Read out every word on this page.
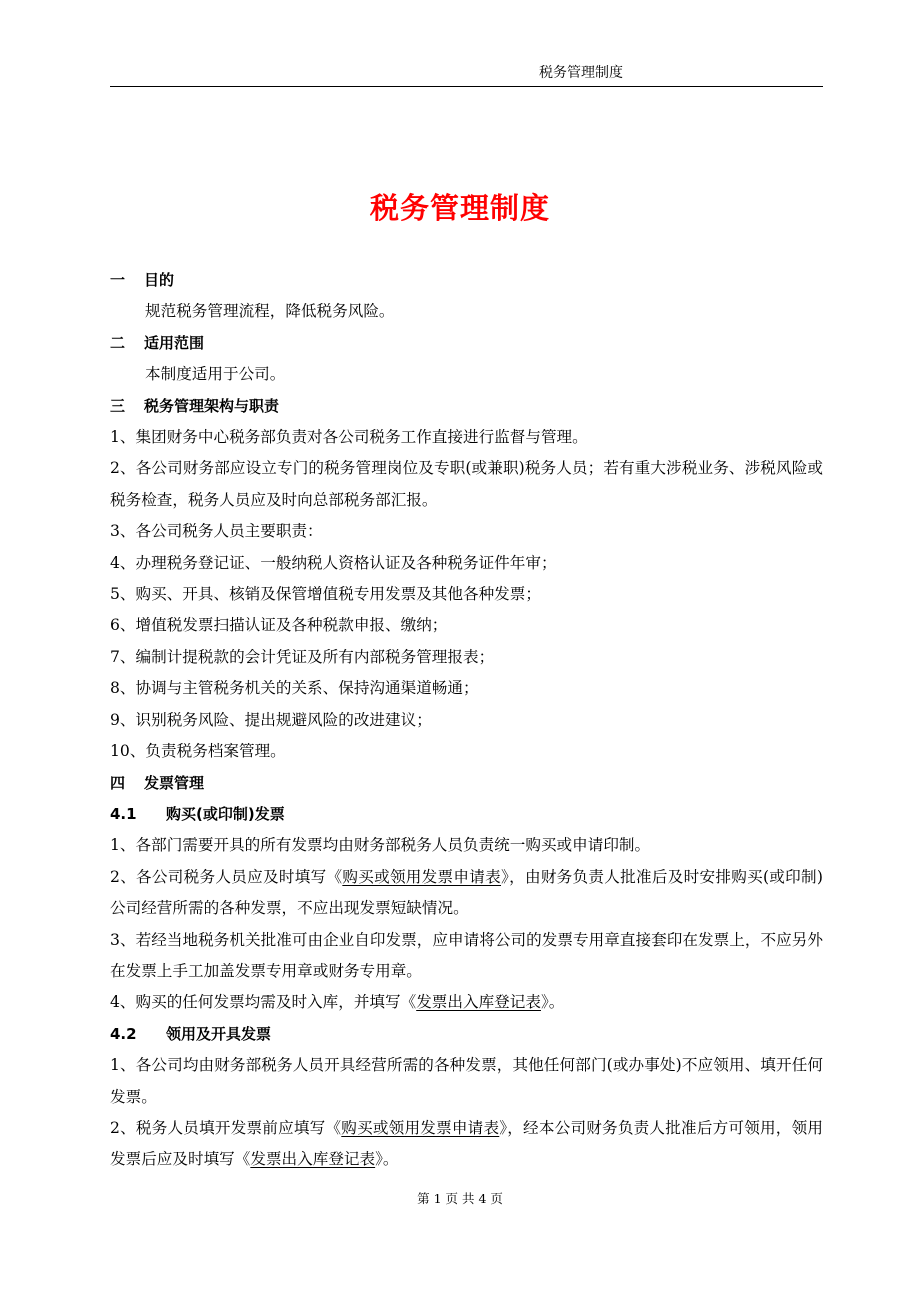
税务管理制度
税务管理制度

一 目的

规范税务管理流程，降低税务风险。

二 适用范围

本制度适用于公司。

三 税务管理架构与职责

1、集团财务中心税务部负责对各公司税务工作直接进行监督与管理。

2、各公司财务部应设立专门的税务管理岗位及专职(或兼职)税务人员；若有重大涉税业务、涉税风险或税务检查，税务人员应及时向总部税务部汇报。

3、各公司税务人员主要职责：

4、办理税务登记证、一般纳税人资格认证及各种税务证件年审；

5、购买、开具、核销及保管增值税专用发票及其他各种发票；

6、增值税发票扫描认证及各种税款申报、缴纳；

7、编制计提税款的会计凭证及所有内部税务管理报表；

8、协调与主管税务机关的关系、保持沟通渠道畅通；

9、识别税务风险、提出规避风险的改进建议；

10、负责税务档案管理。

四 发票管理

4.1 购买(或印制)发票

1、各部门需要开具的所有发票均由财务部税务人员负责统一购买或申请印制。

2、各公司税务人员应及时填写《购买或领用发票申请表》，由财务负责人批准后及时安排购买(或印制)公司经营所需的各种发票，不应出现发票短缺情况。

3、若经当地税务机关批准可由企业自印发票，应申请将公司的发票专用章直接套印在发票上，不应另外在发票上手工加盖发票专用章或财务专用章。

4、购买的任何发票均需及时入库，并填写《发票出入库登记表》。

4.2 领用及开具发票

1、各公司均由财务部税务人员开具经营所需的各种发票，其他任何部门(或办事处)不应领用、填开任何发票。

2、税务人员填开发票前应填写《购买或领用发票申请表》，经本公司财务负责人批准后方可领用，领用发票后应及时填写《发票出入库登记表》。

第 1 页 共 4 页
